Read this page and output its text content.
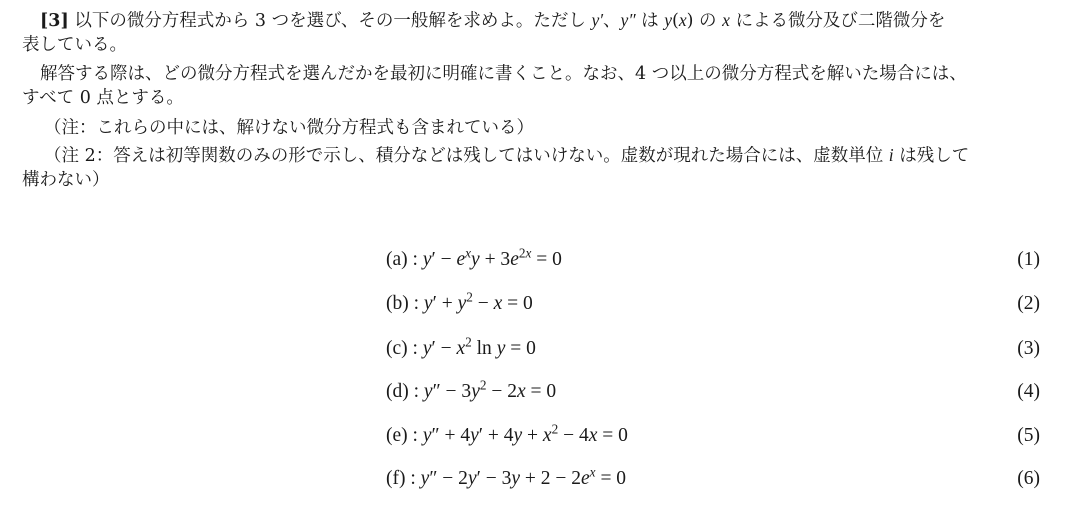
[3] 以下の微分方程式から 3 つを選び、その一般解を求めよ。ただし y′、y″ は y(x) の x による微分及び二階微分を
表している。

解答する際は、どの微分方程式を選んだかを最初に明確に書くこと。なお、4 つ以上の微分方程式を解いた場合には、
すべて 0 点とする。

（注：これらの中には、解けない微分方程式も含まれている）

（注 2：答えは初等関数のみの形で示し、積分などは残してはいけない。虚数が現れた場合には、虚数単位 i は残して
構わない）

(a) : $y' - e^xy + 3e^{2x} = 0$	(1)
(b) : $y' + y^2 - x = 0$	(2)
(c) : $y' - x^2$ ln y = 0	(3)
(d) : $y'' - 3y^2 - 2x = 0$	(4)
(e) : $y'' + 4y' + 4y + x^2 - 4x = 0$	(5)
(f) : $y'' - 2y' - 3y + 2 - 2e^x = 0$	(6)
